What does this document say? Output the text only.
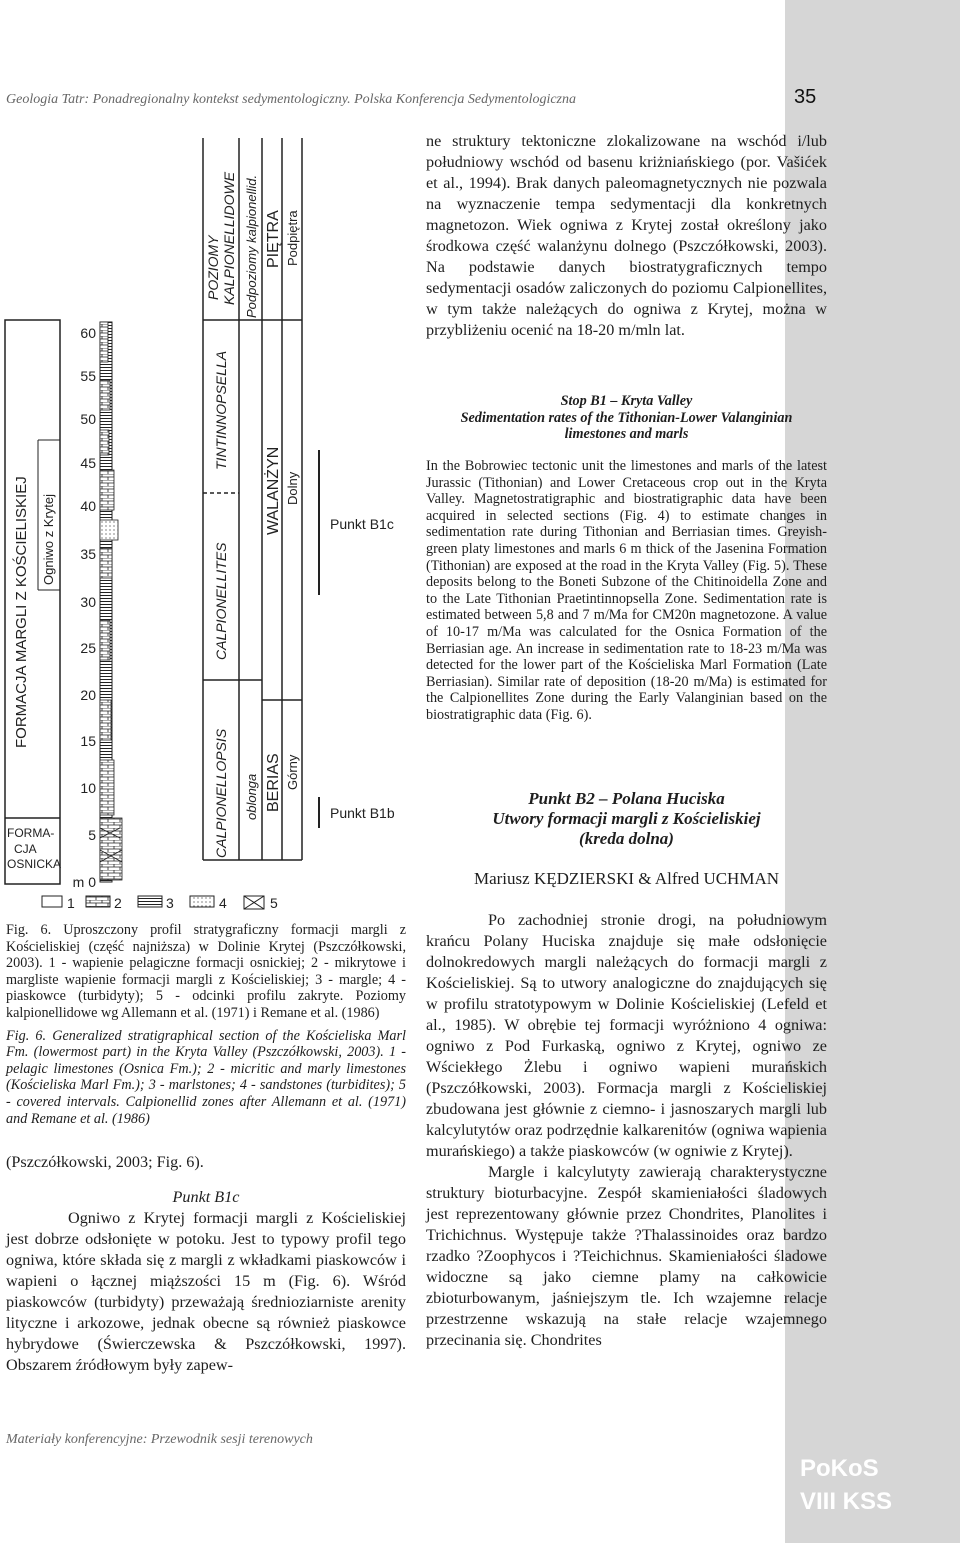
PoKoS
VIII KSS
Geologia Tatr: Ponadregionalny kontekst sedymentologiczny. Polska Konferencja Sedymentologiczna	35
FORMACJA MARGLI Z KOŚCIELISKIEJ Ogniwo z Krytej
FORMA-CJA OSNICKA
60
55
50
45
40
35
30
25
20
15
10
5
m 0
POZIOMY KALPIONELLIDOWE Podpoziomy kalpionellid. PIĘTRA Podpiętra
TINTINNOPSELLA
CALPIONELLITES
CALPIONELLOPSIS oblonga
WALANŻYN Dolny
BERIAS Górny
Punkt B1c
Punkt B1b
1	2	3	4	5

Fig. 6. Uproszczony profil stratygraficzny formacji margli z Kościeliskiej (część najniższa) w Dolinie Krytej (Pszczółkowski, 2003). 1 - wapienie pelagiczne formacji osnickiej; 2 - mikrytowe i margliste wapienie formacji margli z Kościeliskiej; 3 - margle; 4 - piaskowce (turbidyty); 5 - odcinki profilu zakryte. Poziomy kalpionellidowe wg Allemann et al. (1971) i Remane et al. (1986)

Fig. 6. Generalized stratigraphical section of the Kościeliska Marl Fm. (lowermost part) in the Kryta Valley (Pszczółkowski, 2003). 1 - pelagic limestones (Osnica Fm.); 2 - micritic and marly limestones (Kościeliska Marl Fm.); 3 - marlstones; 4 - sandstones (turbidites); 5 - covered intervals. Calpionellid zones after Allemann et al. (1971) and Remane et al. (1986)

(Pszczółkowski, 2003; Fig. 6).

Punkt B1c

Ogniwo z Krytej formacji margli z Kościeliskiej jest dobrze odsłonięte w potoku. Jest to typowy profil tego ogniwa, które składa się z margli z wkładkami piaskowców i wapieni o łącznej miąższości 15 m (Fig. 6). Wśród piaskowców (turbidyty) przeważają średnioziarniste arenity lityczne i arkozowe, jednak obecne są również piaskowce hybrydowe (Świerczewska & Pszczółkowski, 1997). Obszarem źródłowym były zapew-

ne struktury tektoniczne zlokalizowane na wschód i/lub południowy wschód od basenu kriżniańskiego (por. Vašićek et al., 1994). Brak danych paleomagnetycznych nie pozwala na wyznaczenie tempa sedymentacji dla konkretnych magnetozon. Wiek ogniwa z Krytej został określony jako środkowa część walanżynu dolnego (Pszczółkowski, 2003). Na podstawie danych biostratygraficznych tempo sedymentacji osadów zaliczonych do poziomu Calpionellites, w tym także należących do ogniwa z Krytej, można w przybliżeniu ocenić na 18-20 m/mln lat.

Stop B1 – Kryta Valley

Sedimentation rates of the Tithonian-Lower Valanginian

limestones and marls

In the Bobrowiec tectonic unit the limestones and marls of the latest Jurassic (Tithonian) and Lower Cretaceous crop out in the Kryta Valley. Magnetostratigraphic and biostratigraphic data have been acquired in selected sections (Fig. 4) to estimate changes in sedimentation rate during Tithonian and Berriasian times. Greyish-green platy limestones and marls 6 m thick of the Jasenina Formation (Tithonian) are exposed at the road in the Kryta Valley (Fig. 5). These deposits belong to the Boneti Subzone of the Chitinoidella Zone and to the Late Tithonian Praetintinnopsella Zone. Sedimentation rate is estimated between 5,8 and 7 m/Ma for CM20n magnetozone. A value of 10-17 m/Ma was calculated for the Osnica Formation of the Berriasian age. An increase in sedimentation rate to 18-23 m/Ma was detected for the lower part of the Kościeliska Marl Formation (Late Berriasian). Similar rate of deposition (18-20 m/Ma) is estimated for the Calpionellites Zone during the Early Valanginian based on the biostratigraphic data (Fig. 6).

Punkt B2 – Polana Huciska

Utwory formacji margli z Kościeliskiej

(kreda dolna)

Mariusz KĘDZIERSKI & Alfred UCHMAN

Po zachodniej stronie drogi, na południowym krańcu Polany Huciska znajduje się małe odsłonięcie dolnokredowych margli należących do formacji margli z Kościeliskiej. Są to utwory analogiczne do znajdujących się w profilu stratotypowym w Dolinie Kościeliskiej (Lefeld et al., 1985). W obrębie tej formacji wyróżniono 4 ogniwa: ogniwo z Pod Furkaską, ogniwo z Krytej, ogniwo ze Wściekłego Żlebu i ogniwo wapieni murańskich (Pszczółkowski, 2003). Formacja margli z Kościeliskiej zbudowana jest głównie z ciemno- i jasnoszarych margli lub kalcylutytów oraz podrzędnie kalkarenitów (ogniwa wapienia murańskiego) a także piaskowców (w ogniwie z Krytej).

Margle i kalcylutyty zawierają charakterystyczne struktury bioturbacyjne. Zespół skamieniałości śladowych jest reprezentowany głównie przez Chondrites, Planolites i Trichichnus. Występuje także ?Thalassinoides oraz bardzo rzadko ?Zoophycos i ?Teichichnus. Skamieniałości śladowe widoczne są jako ciemne plamy na całkowicie zbioturbowanym, jaśniejszym tle. Ich wzajemne relacje przestrzenne wskazują na stałe relacje wzajemnego przecinania się. Chondrites

Materiały konferencyjne: Przewodnik sesji terenowych
